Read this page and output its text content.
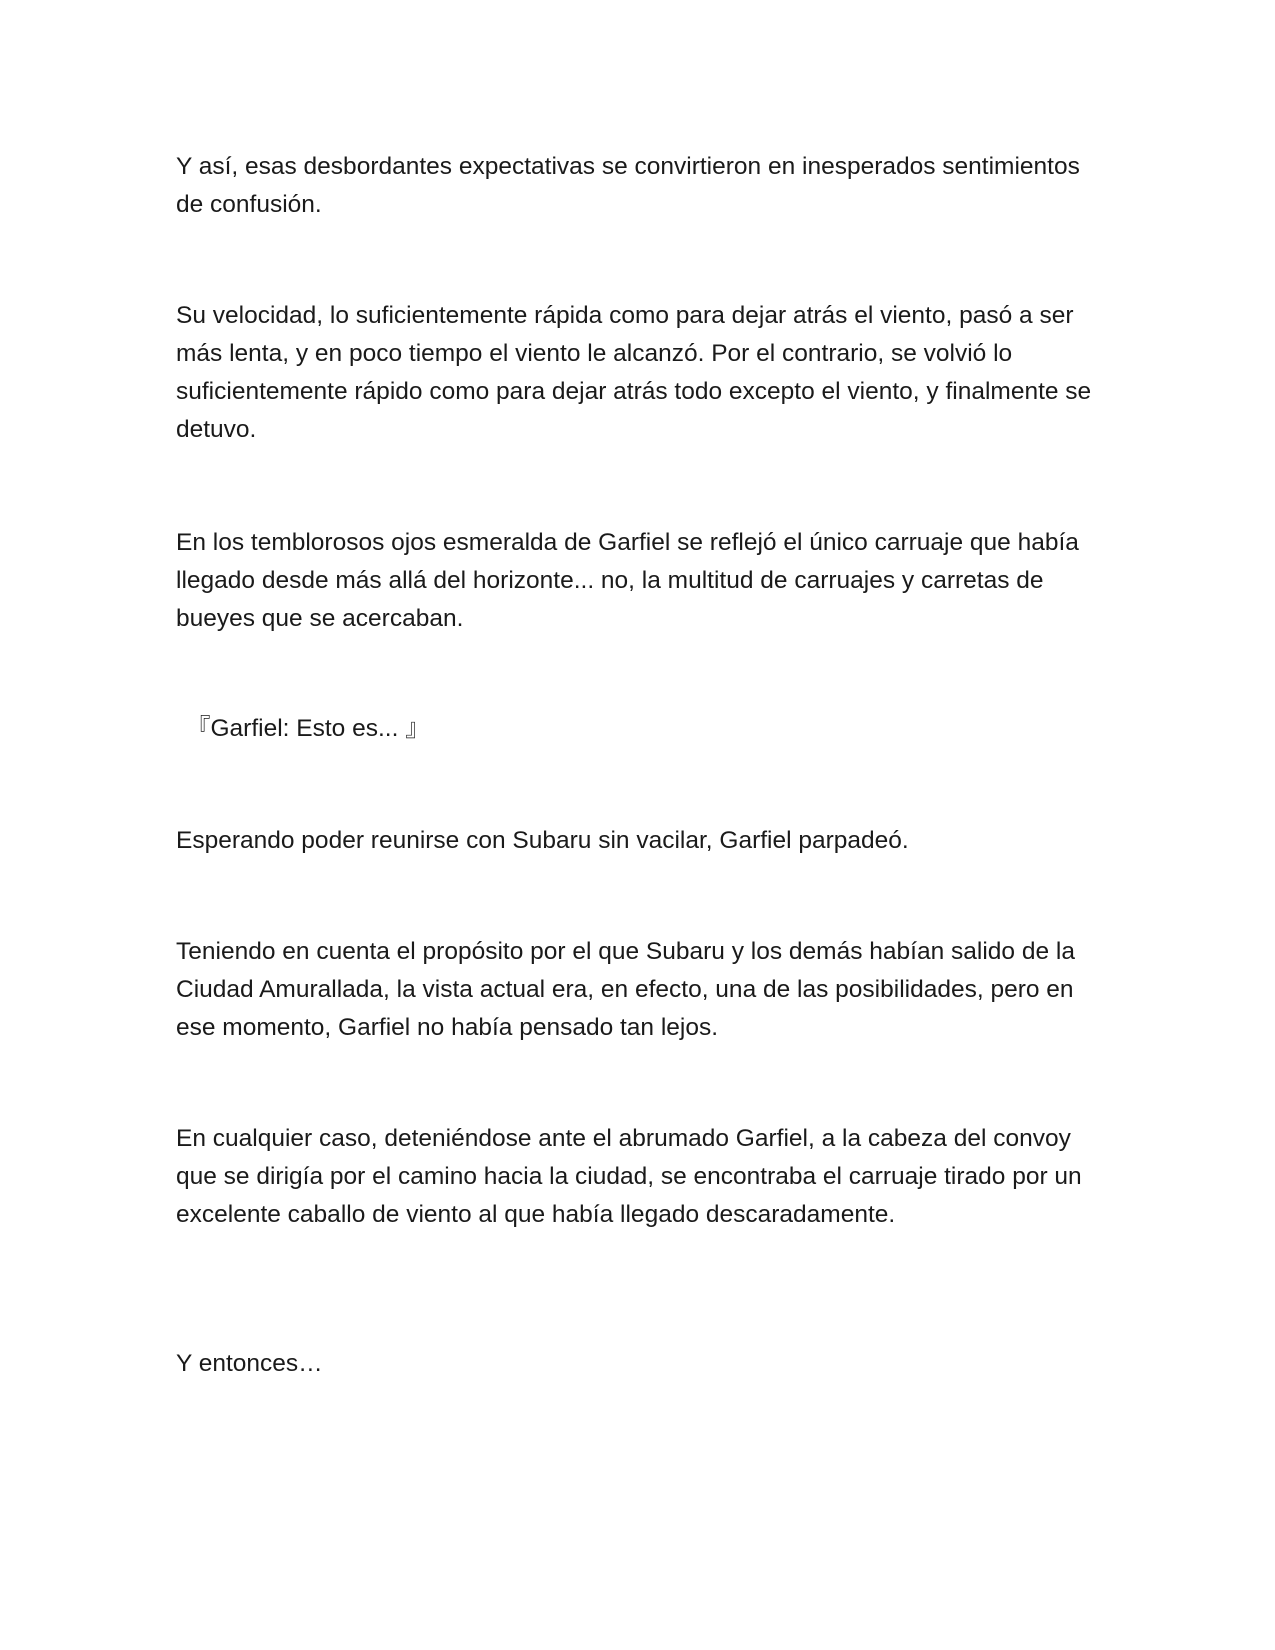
Y así, esas desbordantes expectativas se convirtieron en inesperados sentimientos de confusión.

Su velocidad, lo suficientemente rápida como para dejar atrás el viento, pasó a ser más lenta, y en poco tiempo el viento le alcanzó. Por el contrario, se volvió lo suficientemente rápido como para dejar atrás todo excepto el viento, y finalmente se detuvo.

En los temblorosos ojos esmeralda de Garfiel se reflejó el único carruaje que había llegado desde más allá del horizonte... no, la multitud de carruajes y carretas de bueyes que se acercaban.

『Garfiel: Esto es... 』

Esperando poder reunirse con Subaru sin vacilar, Garfiel parpadeó.

Teniendo en cuenta el propósito por el que Subaru y los demás habían salido de la Ciudad Amurallada, la vista actual era, en efecto, una de las posibilidades, pero en ese momento, Garfiel no había pensado tan lejos.

En cualquier caso, deteniéndose ante el abrumado Garfiel, a la cabeza del convoy que se dirigía por el camino hacia la ciudad, se encontraba el carruaje tirado por un excelente caballo de viento al que había llegado descaradamente.

Y entonces…
